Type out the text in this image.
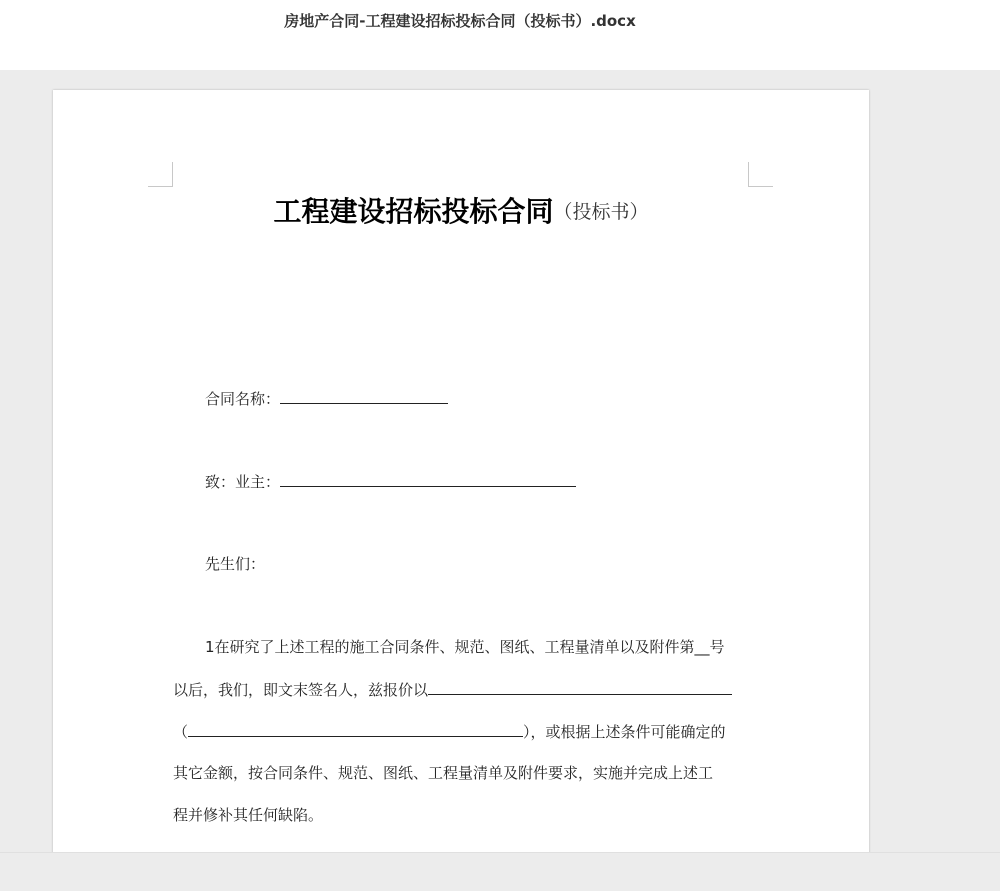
房地产合同-工程建设招标投标合同（投标书）.docx
工程建设招标投标合同（投标书）
合同名称：
致：业主：
先生们：
1在研究了上述工程的施工合同条件、规范、图纸、工程量清单以及附件第__号
以后，我们，即文末签名人，兹报价以
（	），或根据上述条件可能确定的
其它金额，按合同条件、规范、图纸、工程量清单及附件要求，实施并完成上述工
程并修补其任何缺陷。
